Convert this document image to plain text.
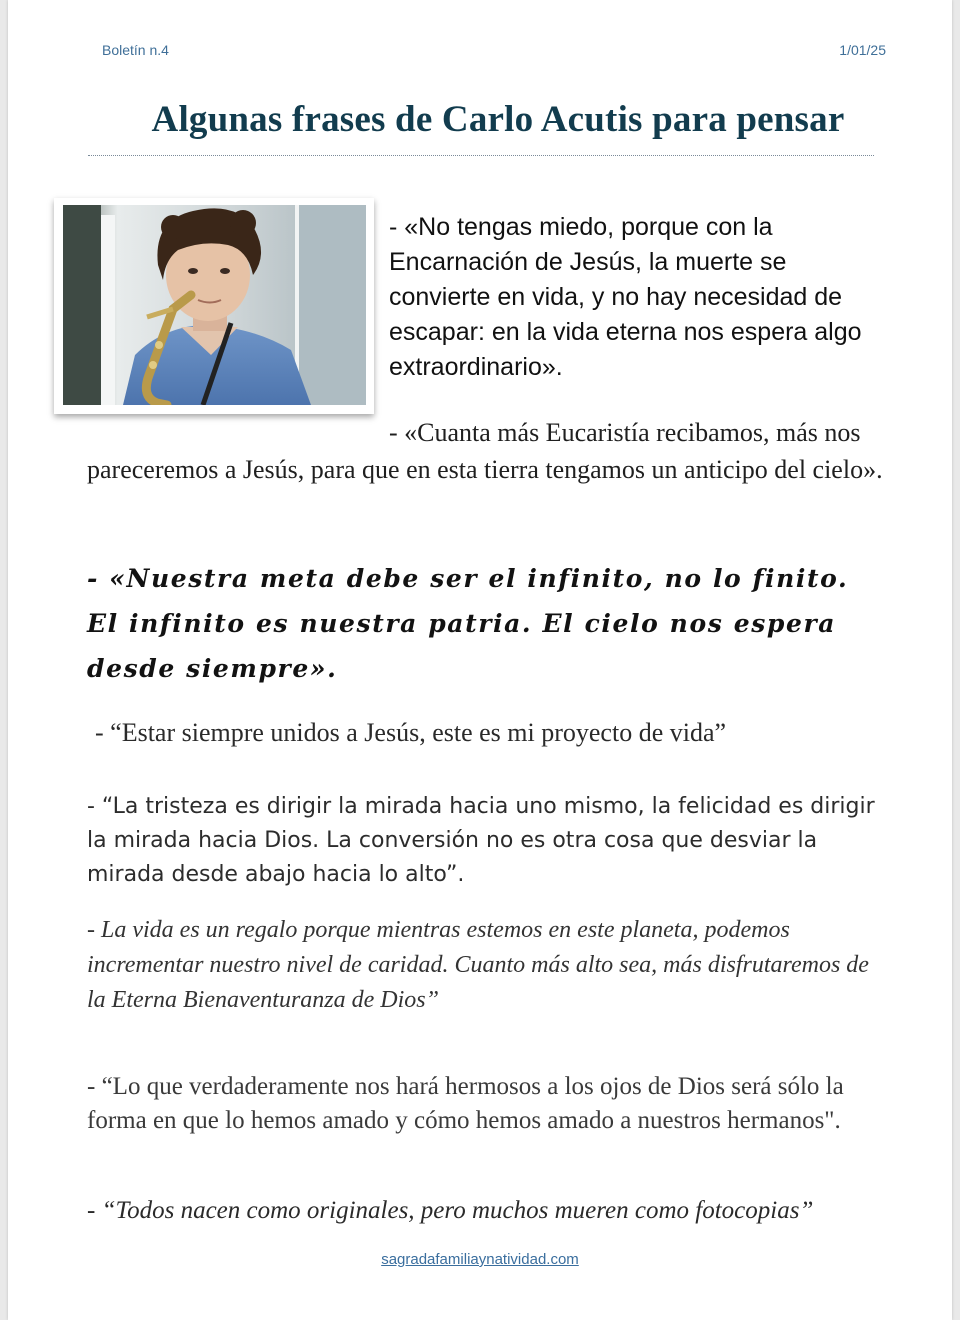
Boletín n.4	1/01/25
Algunas frases de Carlo Acutis para pensar

- «No tengas miedo, porque con la Encarnación de Jesús, la muerte se convierte en vida, y no hay necesidad de escapar: en la vida eterna nos espera algo extraordinario».

- «Cuanta más Eucaristía recibamos, más nos pareceremos a Jesús, para que en esta tierra tengamos un anticipo del cielo».

- «Nuestra meta debe ser el infinito, no lo finito. El infinito es nuestra patria. El cielo nos espera desde siempre».

- “Estar siempre unidos a Jesús, este es mi proyecto de vida”

- “La tristeza es dirigir la mirada hacia uno mismo, la felicidad es dirigir la mirada hacia Dios. La conversión no es otra cosa que desviar la mirada desde abajo hacia lo alto”.

- La vida es un regalo porque mientras estemos en este planeta, podemos incrementar nuestro nivel de caridad. Cuanto más alto sea, más disfrutaremos de la Eterna Bienaventuranza de Dios”

- “Lo que verdaderamente nos hará hermosos a los ojos de Dios será sólo la forma en que lo hemos amado y cómo hemos amado a nuestros hermanos".

- “Todos nacen como originales, pero muchos mueren como fotocopias”

sagradafamiliaynatividad.com
